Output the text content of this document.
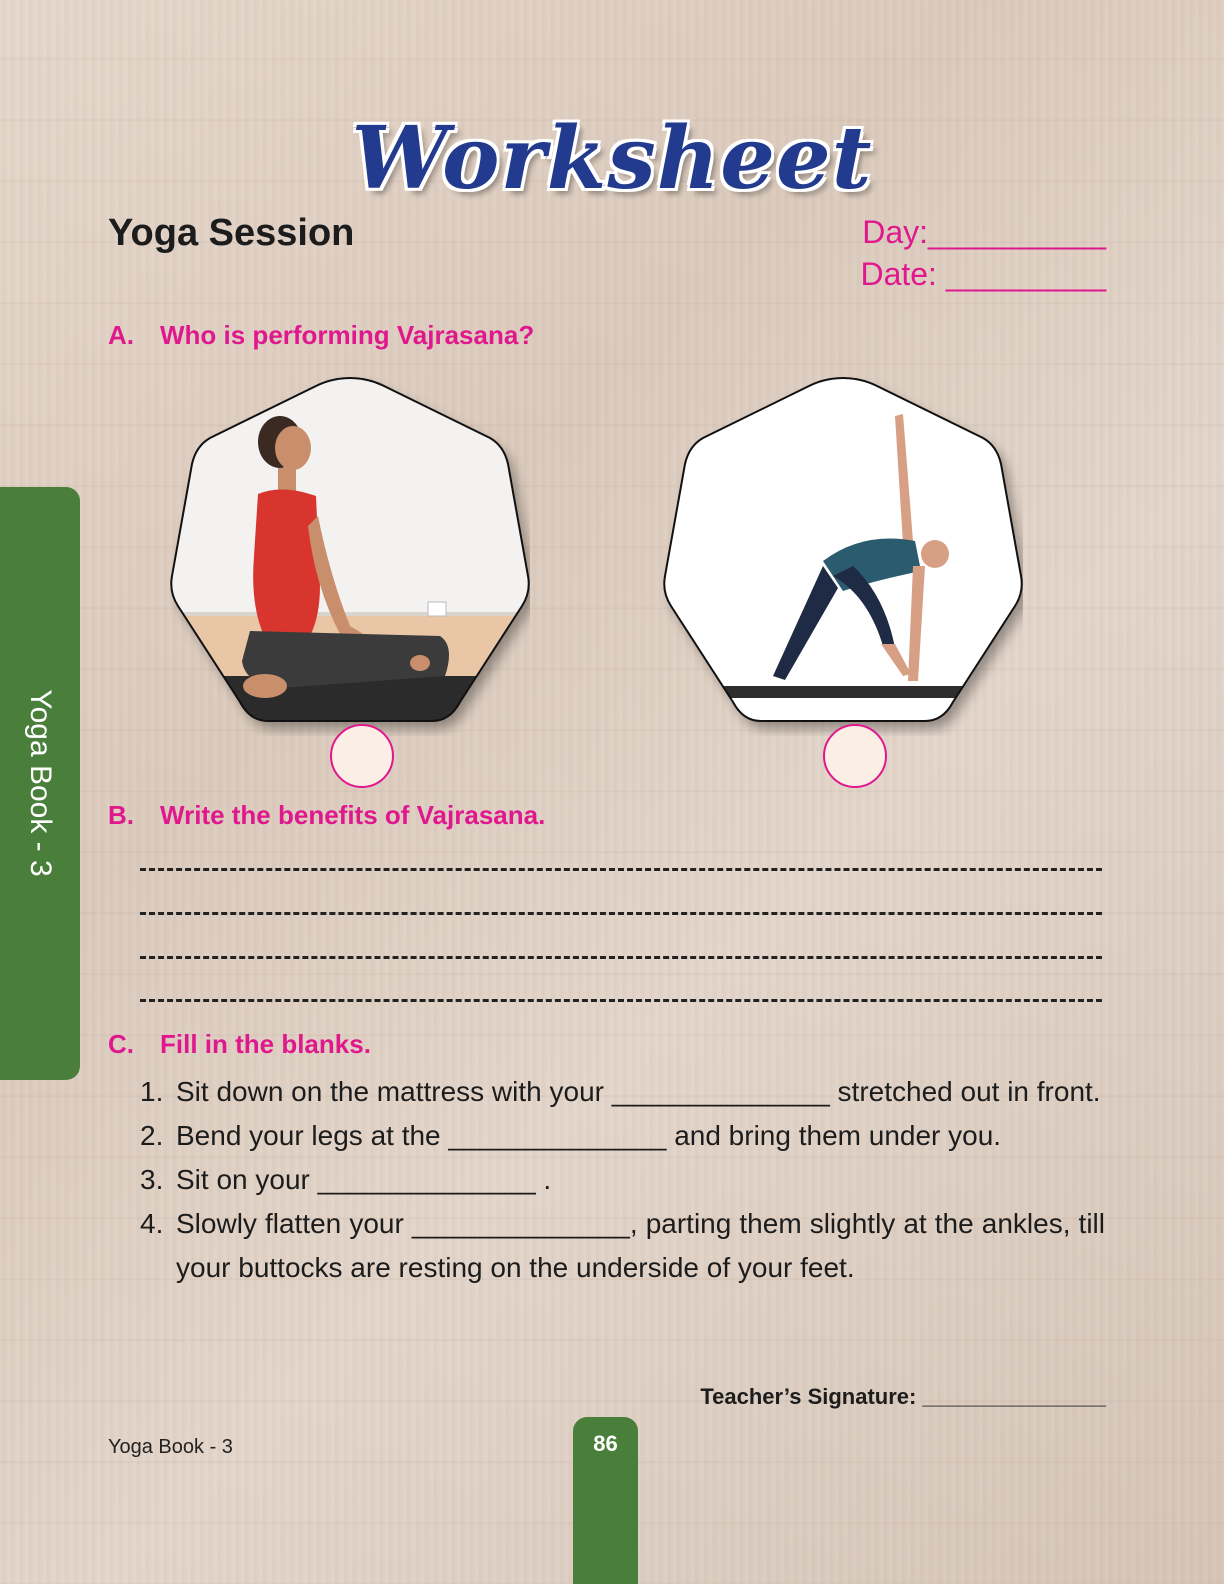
Worksheet
Yoga Session	Day:__________
Date: _________
Yoga Book - 3
A. Who is performing Vajrasana?
B. Write the benefits of Vajrasana.
C. Fill in the blanks.
1. Sit down on the mattress with your ______________ stretched out in front.
2. Bend your legs at the ______________ and bring them under you.
3. Sit on your ______________ .
4. Slowly flatten your ______________, parting them slightly at the ankles, till your buttocks are resting on the underside of your feet.
Teacher’s Signature: _______________
Yoga Book - 3	86
